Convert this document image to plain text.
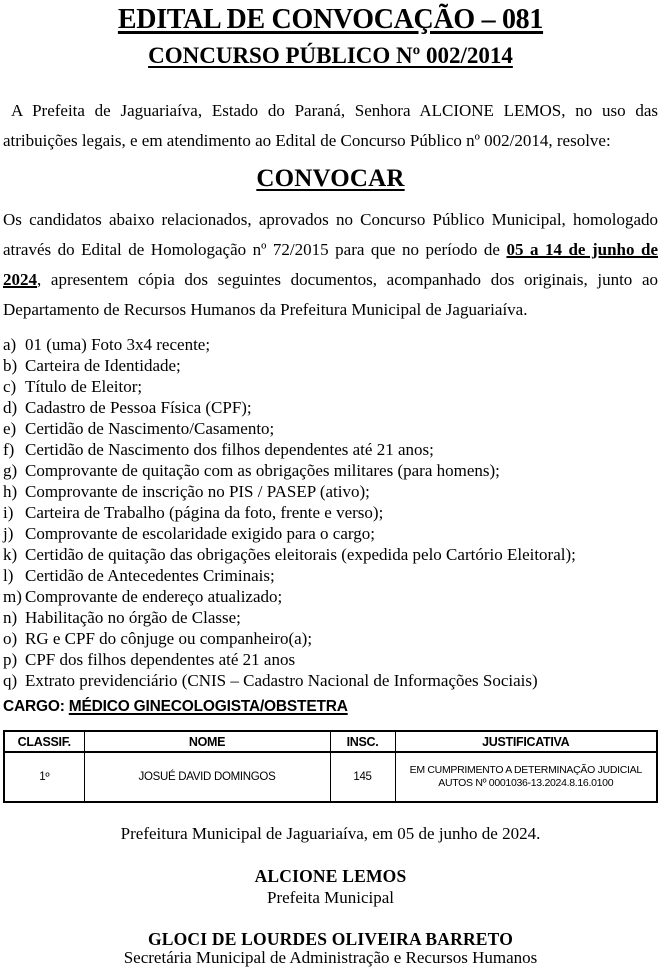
EDITAL DE CONVOCAÇÃO – 081
CONCURSO PÚBLICO Nº 002/2014

A Prefeita de Jaguariaíva, Estado do Paraná, Senhora ALCIONE LEMOS, no uso das atribuições legais, e em atendimento ao Edital de Concurso Público nº 002/2014, resolve:

CONVOCAR

Os candidatos abaixo relacionados, aprovados no Concurso Público Municipal, homologado através do Edital de Homologação nº 72/2015 para que no período de 05 a 14 de junho de 2024, apresentem cópia dos seguintes documentos, acompanhado dos originais, junto ao Departamento de Recursos Humanos da Prefeitura Municipal de Jaguariaíva.

a) 01 (uma) Foto 3x4 recente;
b) Carteira de Identidade;
c) Título de Eleitor;
d) Cadastro de Pessoa Física (CPF);
e) Certidão de Nascimento/Casamento;
f) Certidão de Nascimento dos filhos dependentes até 21 anos;
g) Comprovante de quitação com as obrigações militares (para homens);
h) Comprovante de inscrição no PIS / PASEP (ativo);
i) Carteira de Trabalho (página da foto, frente e verso);
j) Comprovante de escolaridade exigido para o cargo;
k) Certidão de quitação das obrigações eleitorais (expedida pelo Cartório Eleitoral);
l) Certidão de Antecedentes Criminais;
m) Comprovante de endereço atualizado;
n) Habilitação no órgão de Classe;
o) RG e CPF do cônjuge ou companheiro(a);
p) CPF dos filhos dependentes até 21 anos
q) Extrato previdenciário (CNIS – Cadastro Nacional de Informações Sociais)

CARGO: MÉDICO GINECOLOGISTA/OBSTETRA

CLASSIF.	NOME	INSC.	JUSTIFICATIVA
1º	JOSUÉ DAVID DOMINGOS	145	EM CUMPRIMENTO A DETERMINAÇÃO JUDICIAL
AUTOS Nº 0001036-13.2024.8.16.0100

Prefeitura Municipal de Jaguariaíva, em 05 de junho de 2024.

ALCIONE LEMOS

Prefeita Municipal

GLOCI DE LOURDES OLIVEIRA BARRETO

Secretária Municipal de Administração e Recursos Humanos
